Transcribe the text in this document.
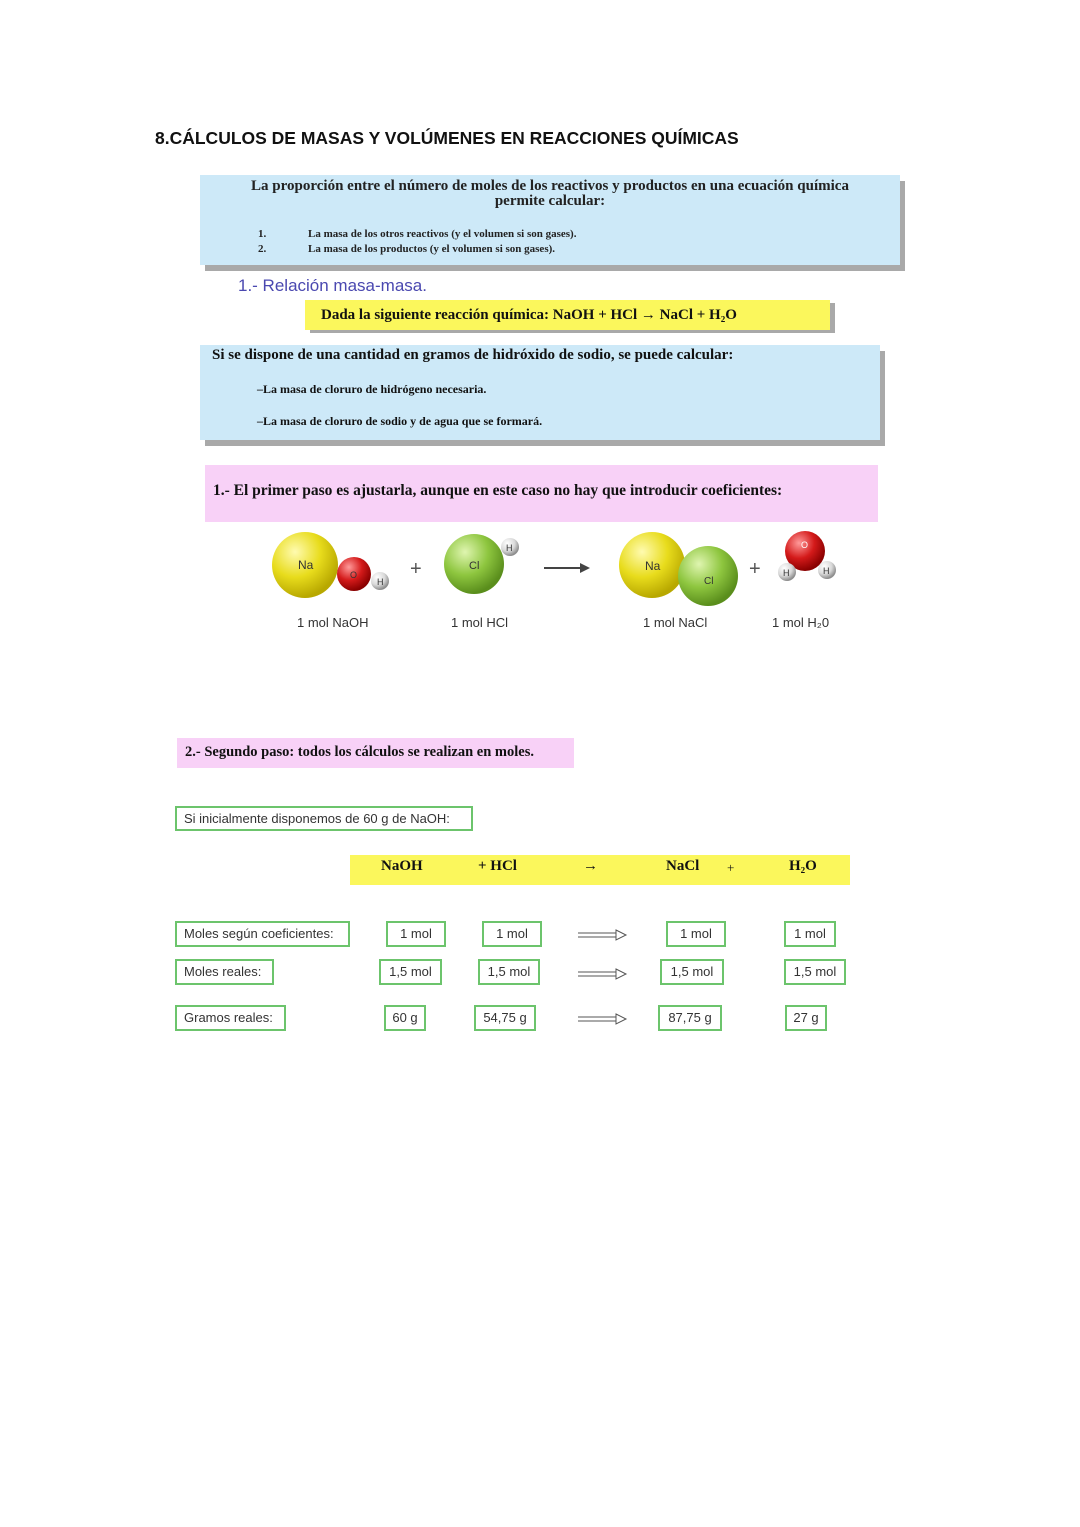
8.CÁLCULOS DE MASAS Y VOLÚMENES EN REACCIONES QUÍMICAS
La proporción entre el número de moles de los reactivos y productos en una ecuación química
permite calcular:
1.	La masa de los otros reactivos (y el volumen si son gases).
2.	La masa de los productos (y el volumen si son gases).
1.- Relación masa-masa.
Dada la siguiente reacción química: NaOH + HCl → NaCl + H₂O
Si se dispone de una cantidad en gramos de hidróxido de sodio, se puede calcular:
–La masa de cloruro de hidrógeno necesaria.
–La masa de cloruro de sodio y de agua que se formará.
1.- El primer paso es ajustarla, aunque en este caso no hay que introducir coeficientes:
Na
O
H
+	Cl
H
Na
Cl
+
O
H	H
1 mol NaOH	1 mol HCl	1 mol NaCl	1 mol H₂0
2.- Segundo paso: todos los cálculos se realizan en moles.
Si inicialmente disponemos de 60 g de NaOH:
NaOH	+ HCl	→	NaCl +	H₂O
Moles según coeficientes:	1 mol	1 mol	1 mol	1 mol
Moles reales:	1,5 mol	1,5 mol	1,5 mol	1,5 mol
Gramos reales:	60 g	54,75 g	87,75 g	27 g
